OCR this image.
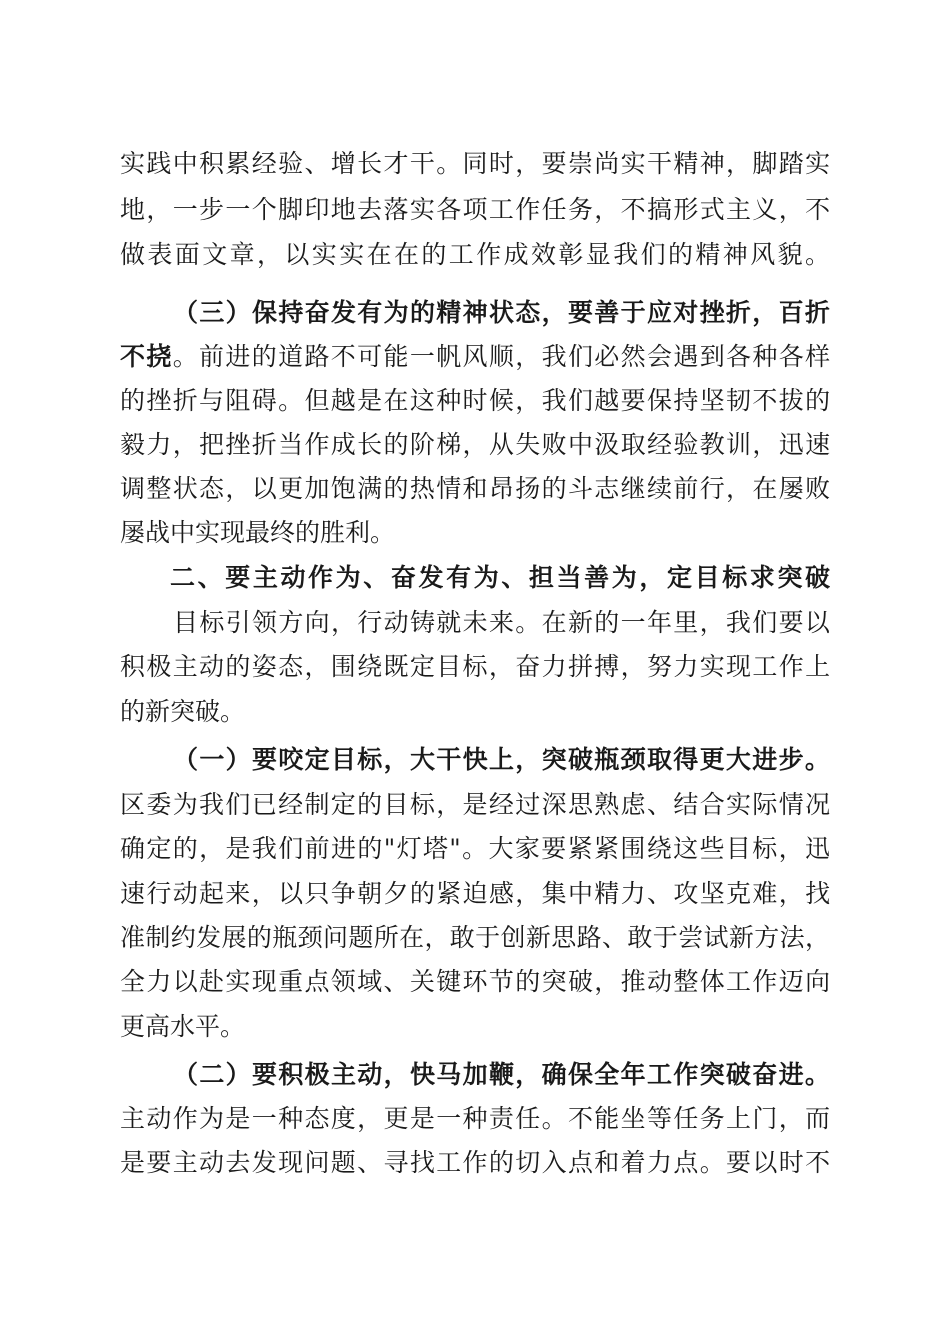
实践中积累经验、增长才干。同时，要崇尚实干精神，脚踏实
地，一步一个脚印地去落实各项工作任务，不搞形式主义，不
做表面文章，以实实在在的工作成效彰显我们的精神风貌。
（三）保持奋发有为的精神状态，要善于应对挫折，百折
不挠。前进的道路不可能一帆风顺，我们必然会遇到各种各样
的挫折与阻碍。但越是在这种时候，我们越要保持坚韧不拔的
毅力，把挫折当作成长的阶梯，从失败中汲取经验教训，迅速
调整状态，以更加饱满的热情和昂扬的斗志继续前行，在屡败
屡战中实现最终的胜利。
二、要主动作为、奋发有为、担当善为，定目标求突破
目标引领方向，行动铸就未来。在新的一年里，我们要以
积极主动的姿态，围绕既定目标，奋力拼搏，努力实现工作上
的新突破。
（一）要咬定目标，大干快上，突破瓶颈取得更大进步。
区委为我们已经制定的目标，是经过深思熟虑、结合实际情况
确定的，是我们前进的"灯塔"。大家要紧紧围绕这些目标，迅
速行动起来，以只争朝夕的紧迫感，集中精力、攻坚克难，找
准制约发展的瓶颈问题所在，敢于创新思路、敢于尝试新方法，
全力以赴实现重点领域、关键环节的突破，推动整体工作迈向
更高水平。
（二）要积极主动，快马加鞭，确保全年工作突破奋进。
主动作为是一种态度，更是一种责任。不能坐等任务上门，而
是要主动去发现问题、寻找工作的切入点和着力点。要以时不
